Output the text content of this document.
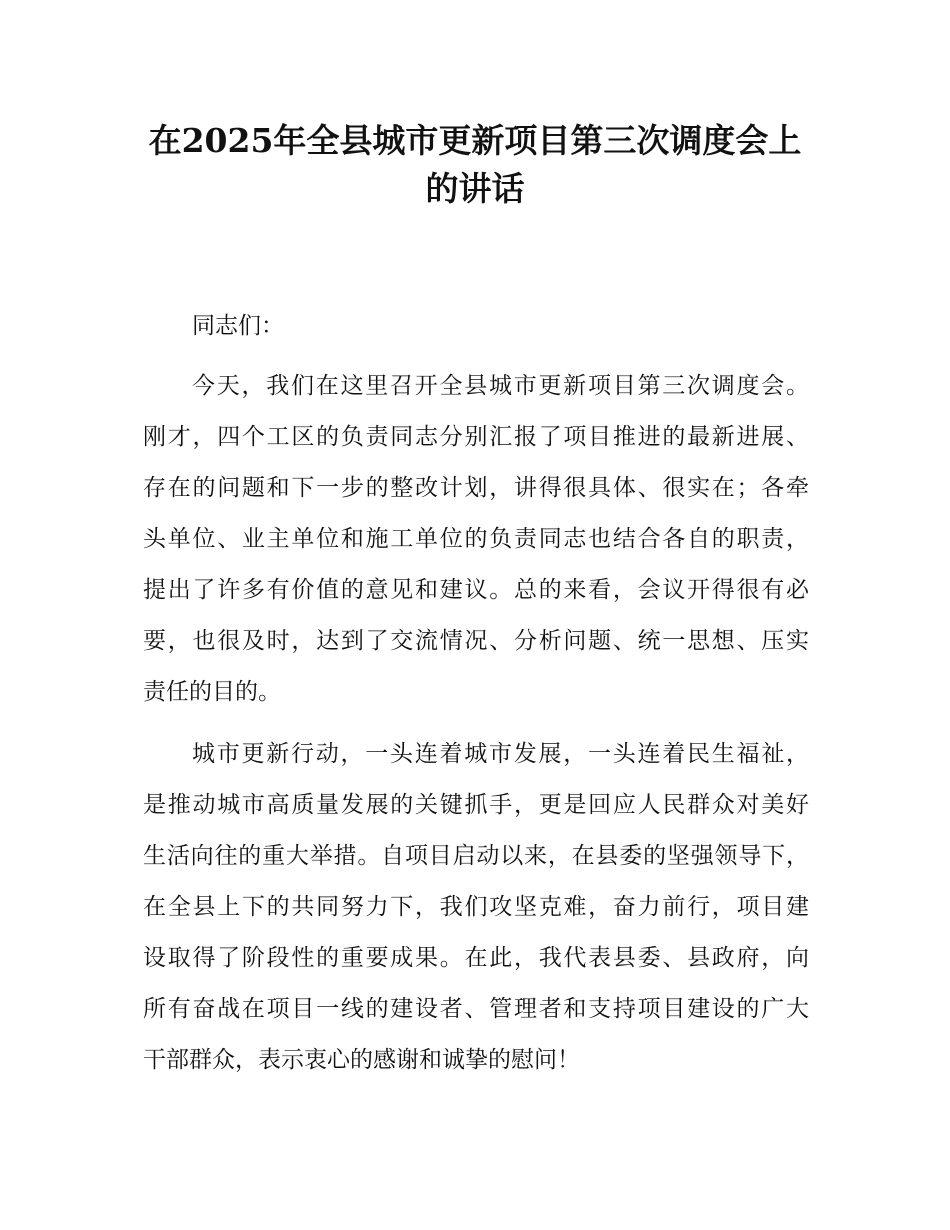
在2025年全县城市更新项目第三次调度会上
的讲话
同志们：
今天，我们在这里召开全县城市更新项目第三次调度会。
刚才，四个工区的负责同志分别汇报了项目推进的最新进展、
存在的问题和下一步的整改计划，讲得很具体、很实在；各牵
头单位、业主单位和施工单位的负责同志也结合各自的职责，
提出了许多有价值的意见和建议。总的来看，会议开得很有必
要，也很及时，达到了交流情况、分析问题、统一思想、压实
责任的目的。
城市更新行动，一头连着城市发展，一头连着民生福祉，
是推动城市高质量发展的关键抓手，更是回应人民群众对美好
生活向往的重大举措。自项目启动以来，在县委的坚强领导下，
在全县上下的共同努力下，我们攻坚克难，奋力前行，项目建
设取得了阶段性的重要成果。在此，我代表县委、县政府，向
所有奋战在项目一线的建设者、管理者和支持项目建设的广大
干部群众，表示衷心的感谢和诚挚的慰问！
